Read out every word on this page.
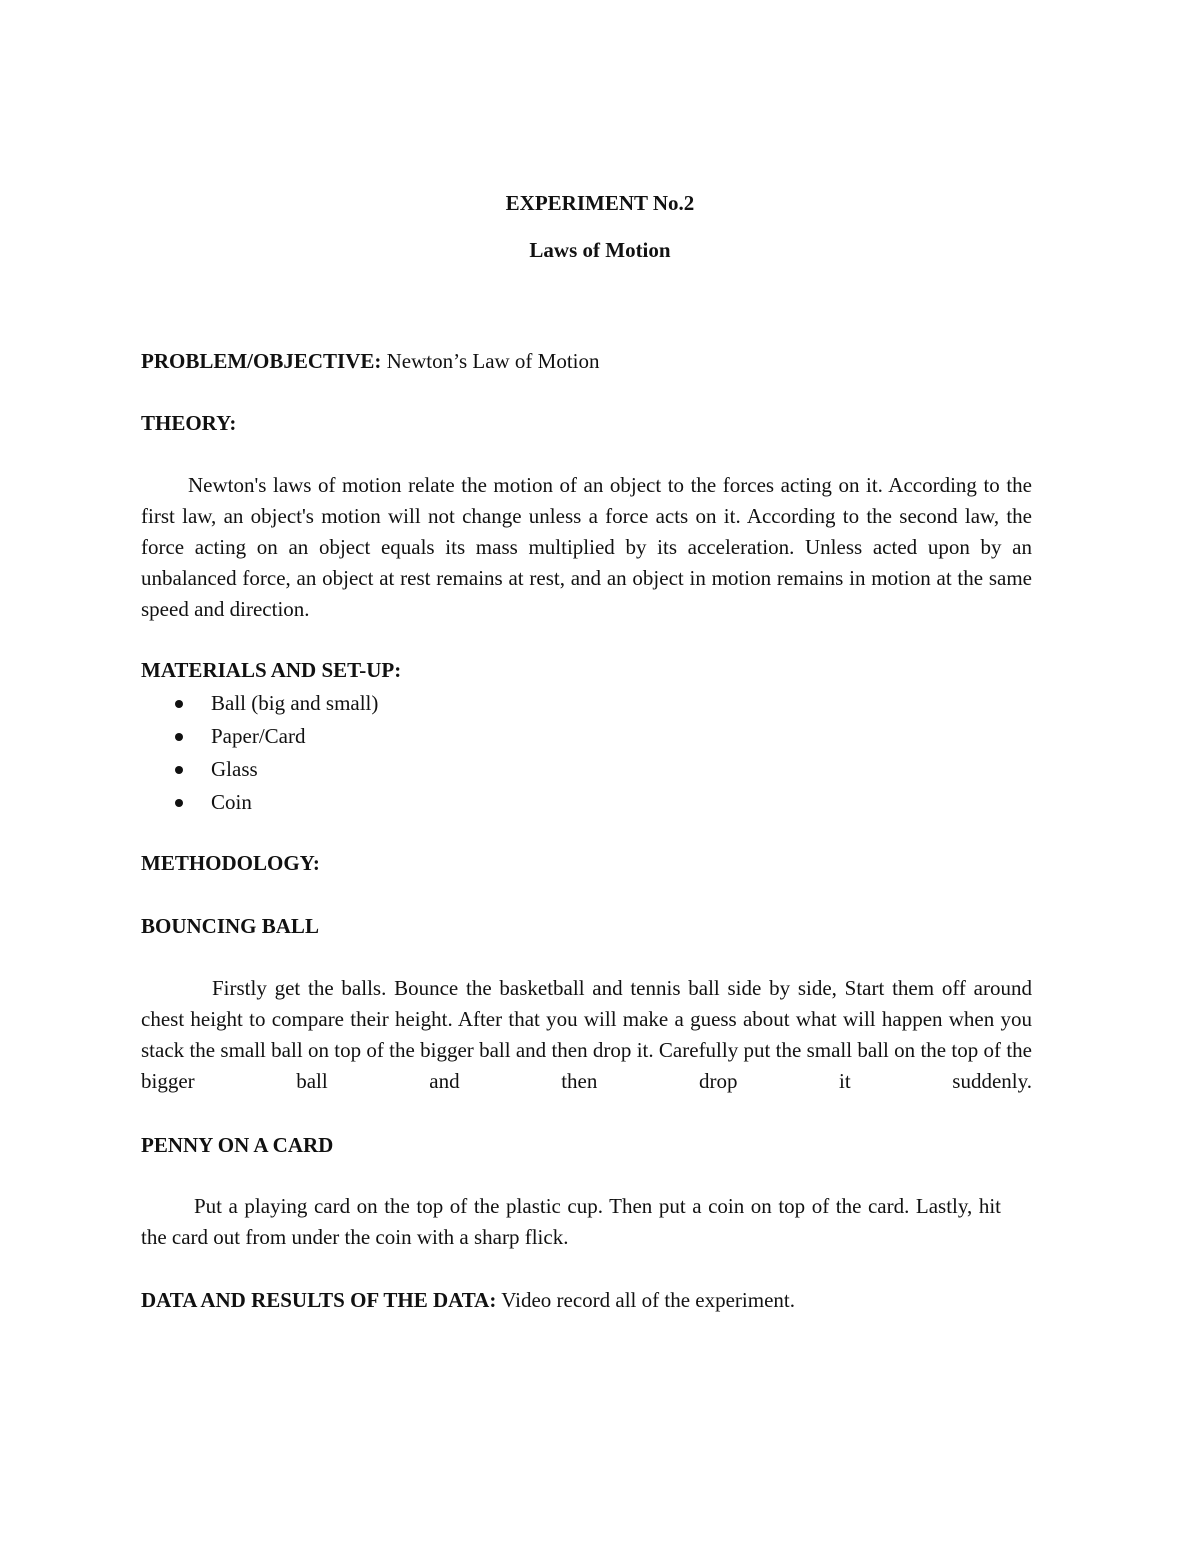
EXPERIMENT No.2
Laws of Motion
PROBLEM/OBJECTIVE: Newton’s Law of Motion
THEORY:
Newton's laws of motion relate the motion of an object to the forces acting on it. According to the first law, an object's motion will not change unless a force acts on it. According to the second law, the force acting on an object equals its mass multiplied by its acceleration. Unless acted upon by an unbalanced force, an object at rest remains at rest, and an object in motion remains in motion at the same speed and direction.
MATERIALS AND SET-UP:
Ball (big and small)
Paper/Card
Glass
Coin
METHODOLOGY:
BOUNCING BALL
Firstly get the balls. Bounce the basketball and tennis ball side by side, Start them off around chest height to compare their height. After that you will make a guess about what will happen when you stack the small ball on top of the bigger ball and then drop it. Carefully put the small ball on the top of the bigger ball and then drop it suddenly.
PENNY ON A CARD
Put a playing card on the top of the plastic cup. Then put a coin on top of the card. Lastly, hit the card out from under the coin with a sharp flick.
DATA AND RESULTS OF THE DATA: Video record all of the experiment.
